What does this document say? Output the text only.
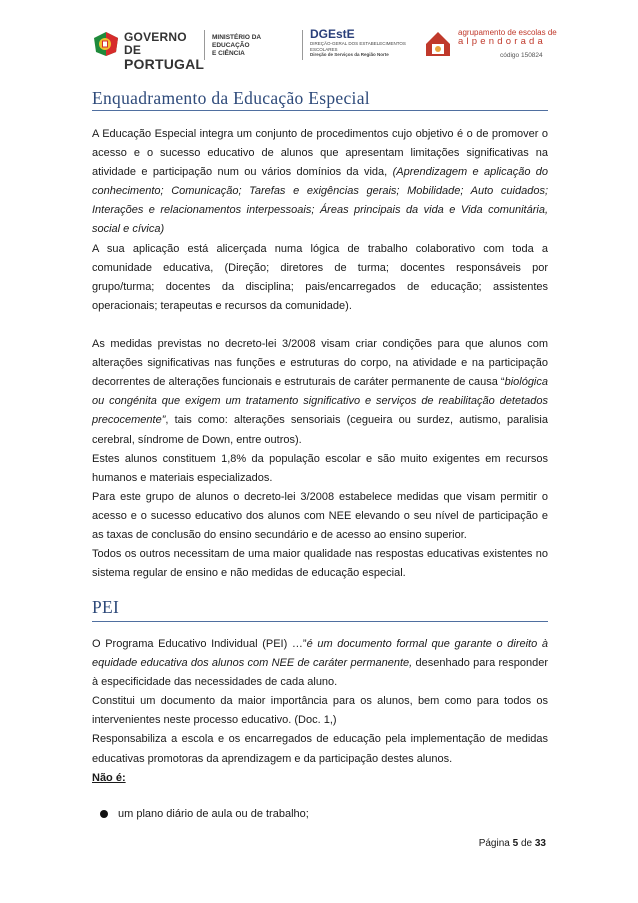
GOVERNO DE
PORTUGAL
MINISTÉRIO DA EDUCAÇÃO
E CIÊNCIA
DGEstE
DIREÇÃO-GERAL DOS ESTABELECIMENTOS ESCOLARES
Direção de Serviços da Região Norte
agrupamento de escolas de
alpendorada
código 150824
Enquadramento da Educação Especial

A Educação Especial integra um conjunto de procedimentos cujo objetivo é o de promover o acesso e o sucesso educativo de alunos que apresentam limitações significativas na atividade e participação num ou vários domínios da vida, (Aprendizagem e aplicação do conhecimento; Comunicação; Tarefas e exigências gerais; Mobilidade; Auto cuidados; Interações e relacionamentos interpessoais; Áreas principais da vida e Vida comunitária, social e cívica)

A sua aplicação está alicerçada numa lógica de trabalho colaborativo com toda a comunidade educativa, (Direção; diretores de turma; docentes responsáveis por grupo/turma; docentes da disciplina; pais/encarregados de educação; assistentes operacionais; terapeutas e recursos da comunidade).

As medidas previstas no decreto-lei 3/2008 visam criar condições para que alunos com alterações significativas nas funções e estruturas do corpo, na atividade e na participação decorrentes de alterações funcionais e estruturais de caráter permanente de causa “biológica ou congénita que exigem um tratamento significativo e serviços de reabilitação detetados precocemente”, tais como: alterações sensoriais (cegueira ou surdez, autismo, paralisia cerebral, síndrome de Down, entre outros).

Estes alunos constituem 1,8% da população escolar e são muito exigentes em recursos humanos e materiais especializados.

Para este grupo de alunos o decreto-lei 3/2008 estabelece medidas que visam permitir o acesso e o sucesso educativo dos alunos com NEE elevando o seu nível de participação e as taxas de conclusão do ensino secundário e de acesso ao ensino superior.

Todos os outros necessitam de uma maior qualidade nas respostas educativas existentes no sistema regular de ensino e não medidas de educação especial.

PEI

O Programa Educativo Individual (PEI) …”é um documento formal que garante o direito à equidade educativa dos alunos com NEE de caráter permanente, desenhado para responder à especificidade das necessidades de cada aluno.

Constitui um documento da maior importância para os alunos, bem como para todos os intervenientes neste processo educativo. (Doc. 1,)

Responsabiliza a escola e os encarregados de educação pela implementação de medidas educativas promotoras da aprendizagem e da participação destes alunos.

Não é:

um plano diário de aula ou de trabalho;
Página 5 de 33
